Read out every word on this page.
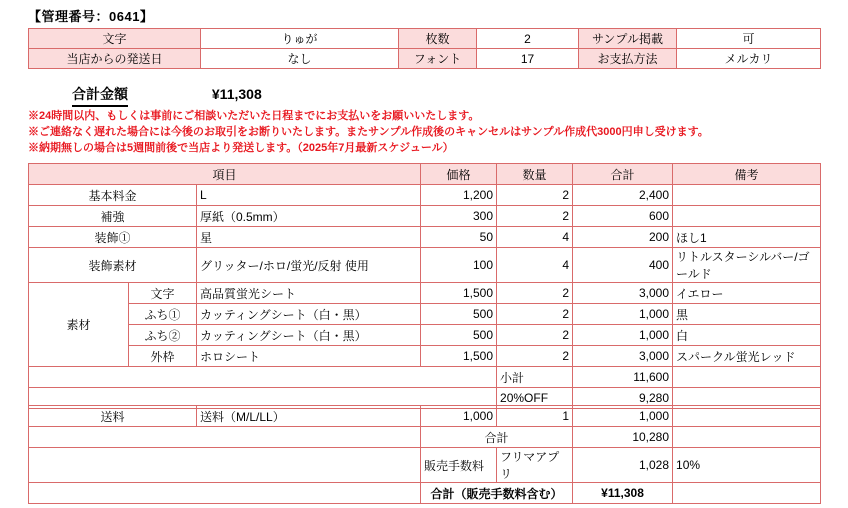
【管理番号：0641】
文字	りゅが	枚数	2	サンプル掲載	可
当店からの発送日	なし	フォント	17	お支払方法	メルカリ
合計金額	¥11,308
※24時間以内、もしくは事前にご相談いただいた日程までにお支払いをお願いいたします。
※ご連絡なく遅れた場合には今後のお取引をお断りいたします。またサンプル作成後のキャンセルはサンプル作成代3000円申し受けます。
※納期無しの場合は5週間前後で当店より発送します。（2025年7月最新スケジュール）
項目			価格	数量	合計	備考
基本料金		L	1,200	2	2,400	
補強		厚紙（0.5mm）	300	2	600	
装飾①		星	50	4	200	ほし1
装飾素材		グリッター/ホロ/蛍光/反射 使用	100	4	400	リトルスターシルバー/ゴールド
素材	文字	高品質蛍光シート	1,500	2	3,000	イエロー
	ふち①	カッティングシート（白・黒）	500	2	1,000	黒
	ふち②	カッティングシート（白・黒）	500	2	1,000	白
	外枠	ホロシート	1,500	2	3,000	スパークル蛍光レッド
				小計	11,600	
				20%OFF	9,280	
送料	送料（M/L/LL）	1,000	1	1,000	
		合計		10,280	
		販売手数料	フリマアプリ	1,028	10%
		合計（販売手数料含む）		¥11,308	
